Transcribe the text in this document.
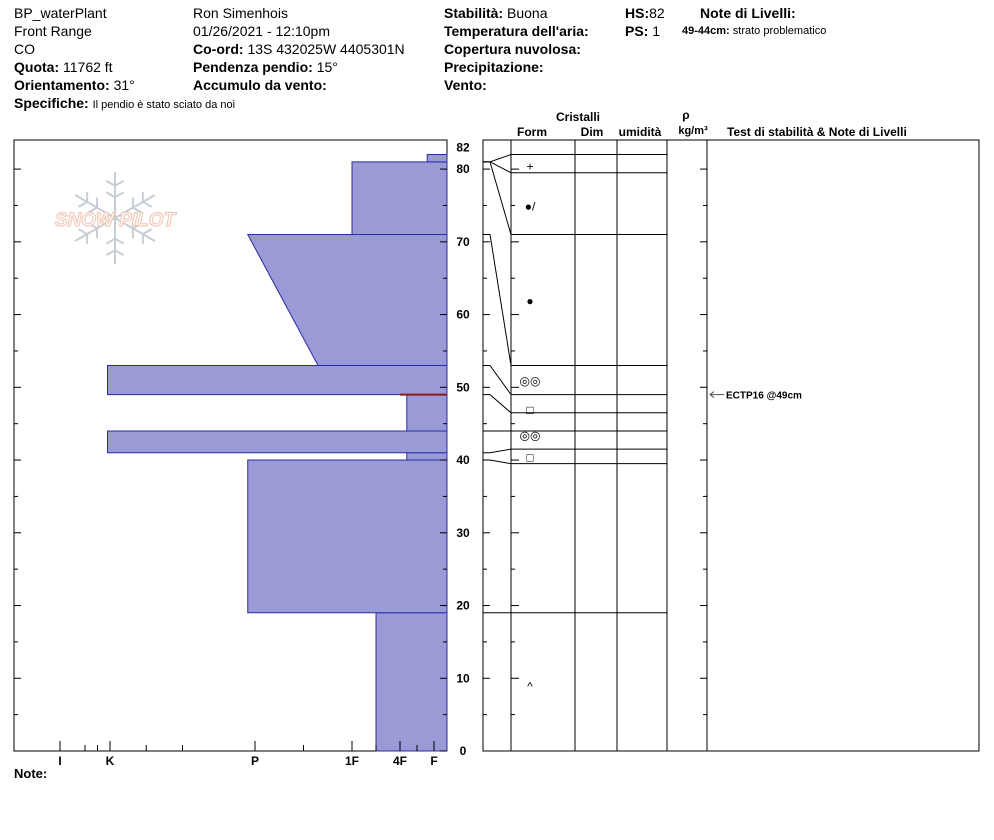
BP_waterPlant
Front Range
CO
Quota: 11762 ft
Orientamento: 31°
Specifiche: Il pendio è stato sciato da noi
Ron Simenhois
01/26/2021 - 12:10pm
Co-ord: 13S 432025W 4405301N
Pendenza pendio: 15°
Accumulo da vento:
Stabilità: Buona
Temperatura dell'aria:
Copertura nuvolosa:
Precipitazione:
Vento:
HS:82
PS: 1
Note di Livelli:
49-44cm: strato problematico
SNOW PILOT
I	K	P	1F	4F F
0
10
20
30
40
50
60
70
80
82
^
□
◎◎
□
◎◎
●
●/
+
ECTP16 @49cm
Cristalli
Form	Dim umidità
ρ
kg/m³ Test di stabilità & Note di Livelli
Note:
